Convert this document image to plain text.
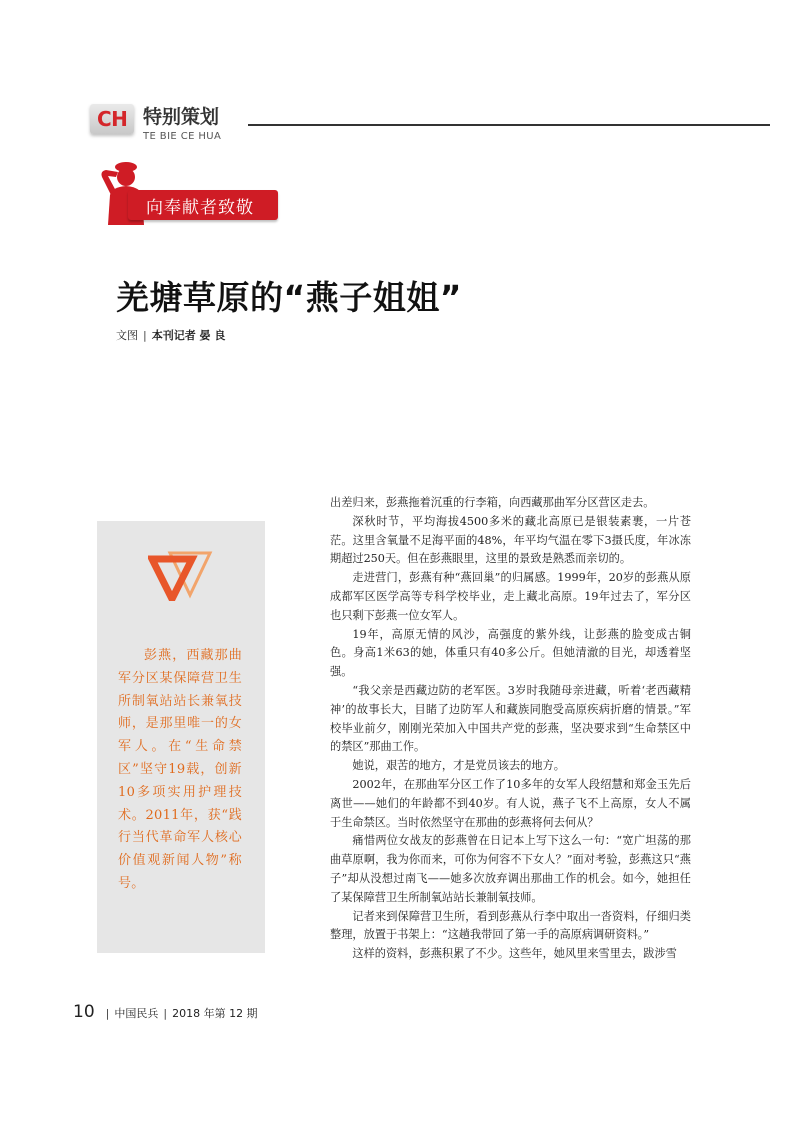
CH 特别策划
TE BIE CE HUA
向奉献者致敬
羌塘草原的“燕子姐姐”
文图 | 本刊记者 晏 良
彭燕，西藏那曲军分区某保障营卫生所制氧站站长兼氧技师，是那里唯一的女军人。在“生命禁区”坚守19载，创新10多项实用护理技术。2011年，获“践行当代革命军人核心价值观新闻人物”称号。

出差归来，彭燕拖着沉重的行李箱，向西藏那曲军分区营区走去。

深秋时节，平均海拔4500多米的藏北高原已是银装素裹，一片苍茫。这里含氧量不足海平面的48%，年平均气温在零下3摄氏度，年冰冻期超过250天。但在彭燕眼里，这里的景致是熟悉而亲切的。

走进营门，彭燕有种“燕回巢”的归属感。1999年，20岁的彭燕从原成都军区医学高等专科学校毕业，走上藏北高原。19年过去了，军分区也只剩下彭燕一位女军人。

19年，高原无情的风沙，高强度的紫外线，让彭燕的脸变成古铜色。身高1米63的她，体重只有40多公斤。但她清澈的目光，却透着坚强。

“我父亲是西藏边防的老军医。3岁时我随母亲进藏，听着‘老西藏精神’的故事长大，目睹了边防军人和藏族同胞受高原疾病折磨的情景。”军校毕业前夕，刚刚光荣加入中国共产党的彭燕，坚决要求到“生命禁区中的禁区”那曲工作。

她说，艰苦的地方，才是党员该去的地方。

2002年，在那曲军分区工作了10多年的女军人段绍慧和郑金玉先后离世——她们的年龄都不到40岁。有人说，燕子飞不上高原，女人不属于生命禁区。当时依然坚守在那曲的彭燕将何去何从？

痛惜两位女战友的彭燕曾在日记本上写下这么一句：“宽广坦荡的那曲草原啊，我为你而来，可你为何容不下女人？”面对考验，彭燕这只“燕子”却从没想过南飞——她多次放弃调出那曲工作的机会。如今，她担任了某保障营卫生所制氧站站长兼制氧技师。

记者来到保障营卫生所，看到彭燕从行李中取出一沓资料，仔细归类整理，放置于书架上：“这趟我带回了第一手的高原病调研资料。”

这样的资料，彭燕积累了不少。这些年，她风里来雪里去，跋涉雪

10 | 中国民兵 | 2018 年第 12 期
